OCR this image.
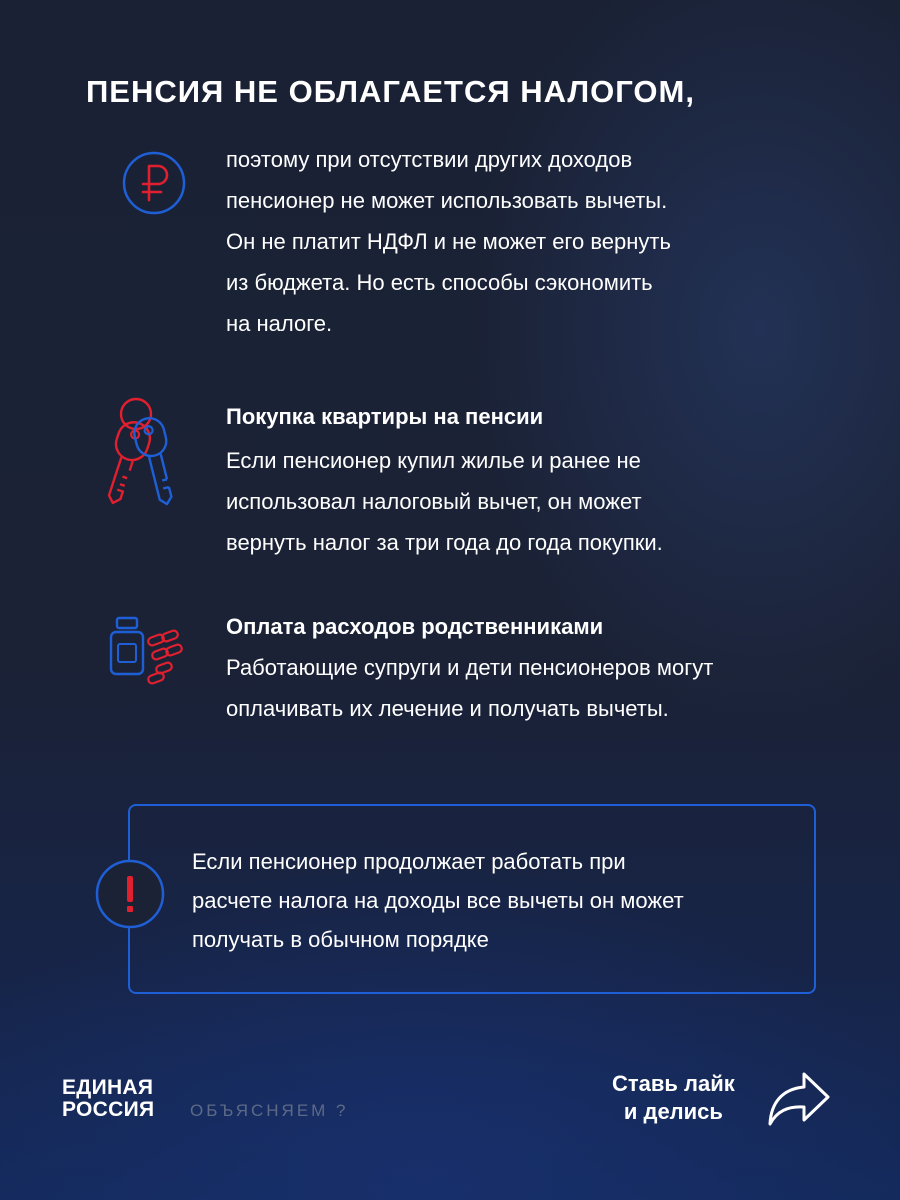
ПЕНСИЯ НЕ ОБЛАГАЕТСЯ НАЛОГОМ,
поэтому при отсутствии других доходов
пенсионер не может использовать вычеты.
Он не платит НДФЛ и не может его вернуть
из бюджета. Но есть способы сэкономить
на налоге.
Покупка квартиры на пенсии
Если пенсионер купил жилье и ранее не
использовал налоговый вычет, он может
вернуть налог за три года до года покупки.
Оплата расходов родственниками
Работающие супруги и дети пенсионеров могут
оплачивать их лечение и получать вычеты.
Если пенсионер продолжает работать при
расчете налога на доходы все вычеты он может
получать в обычном порядке
ЕДИНАЯ
РОССИЯ ОБЪЯСНЯЕМ ?
Ставь лайк
и делись
